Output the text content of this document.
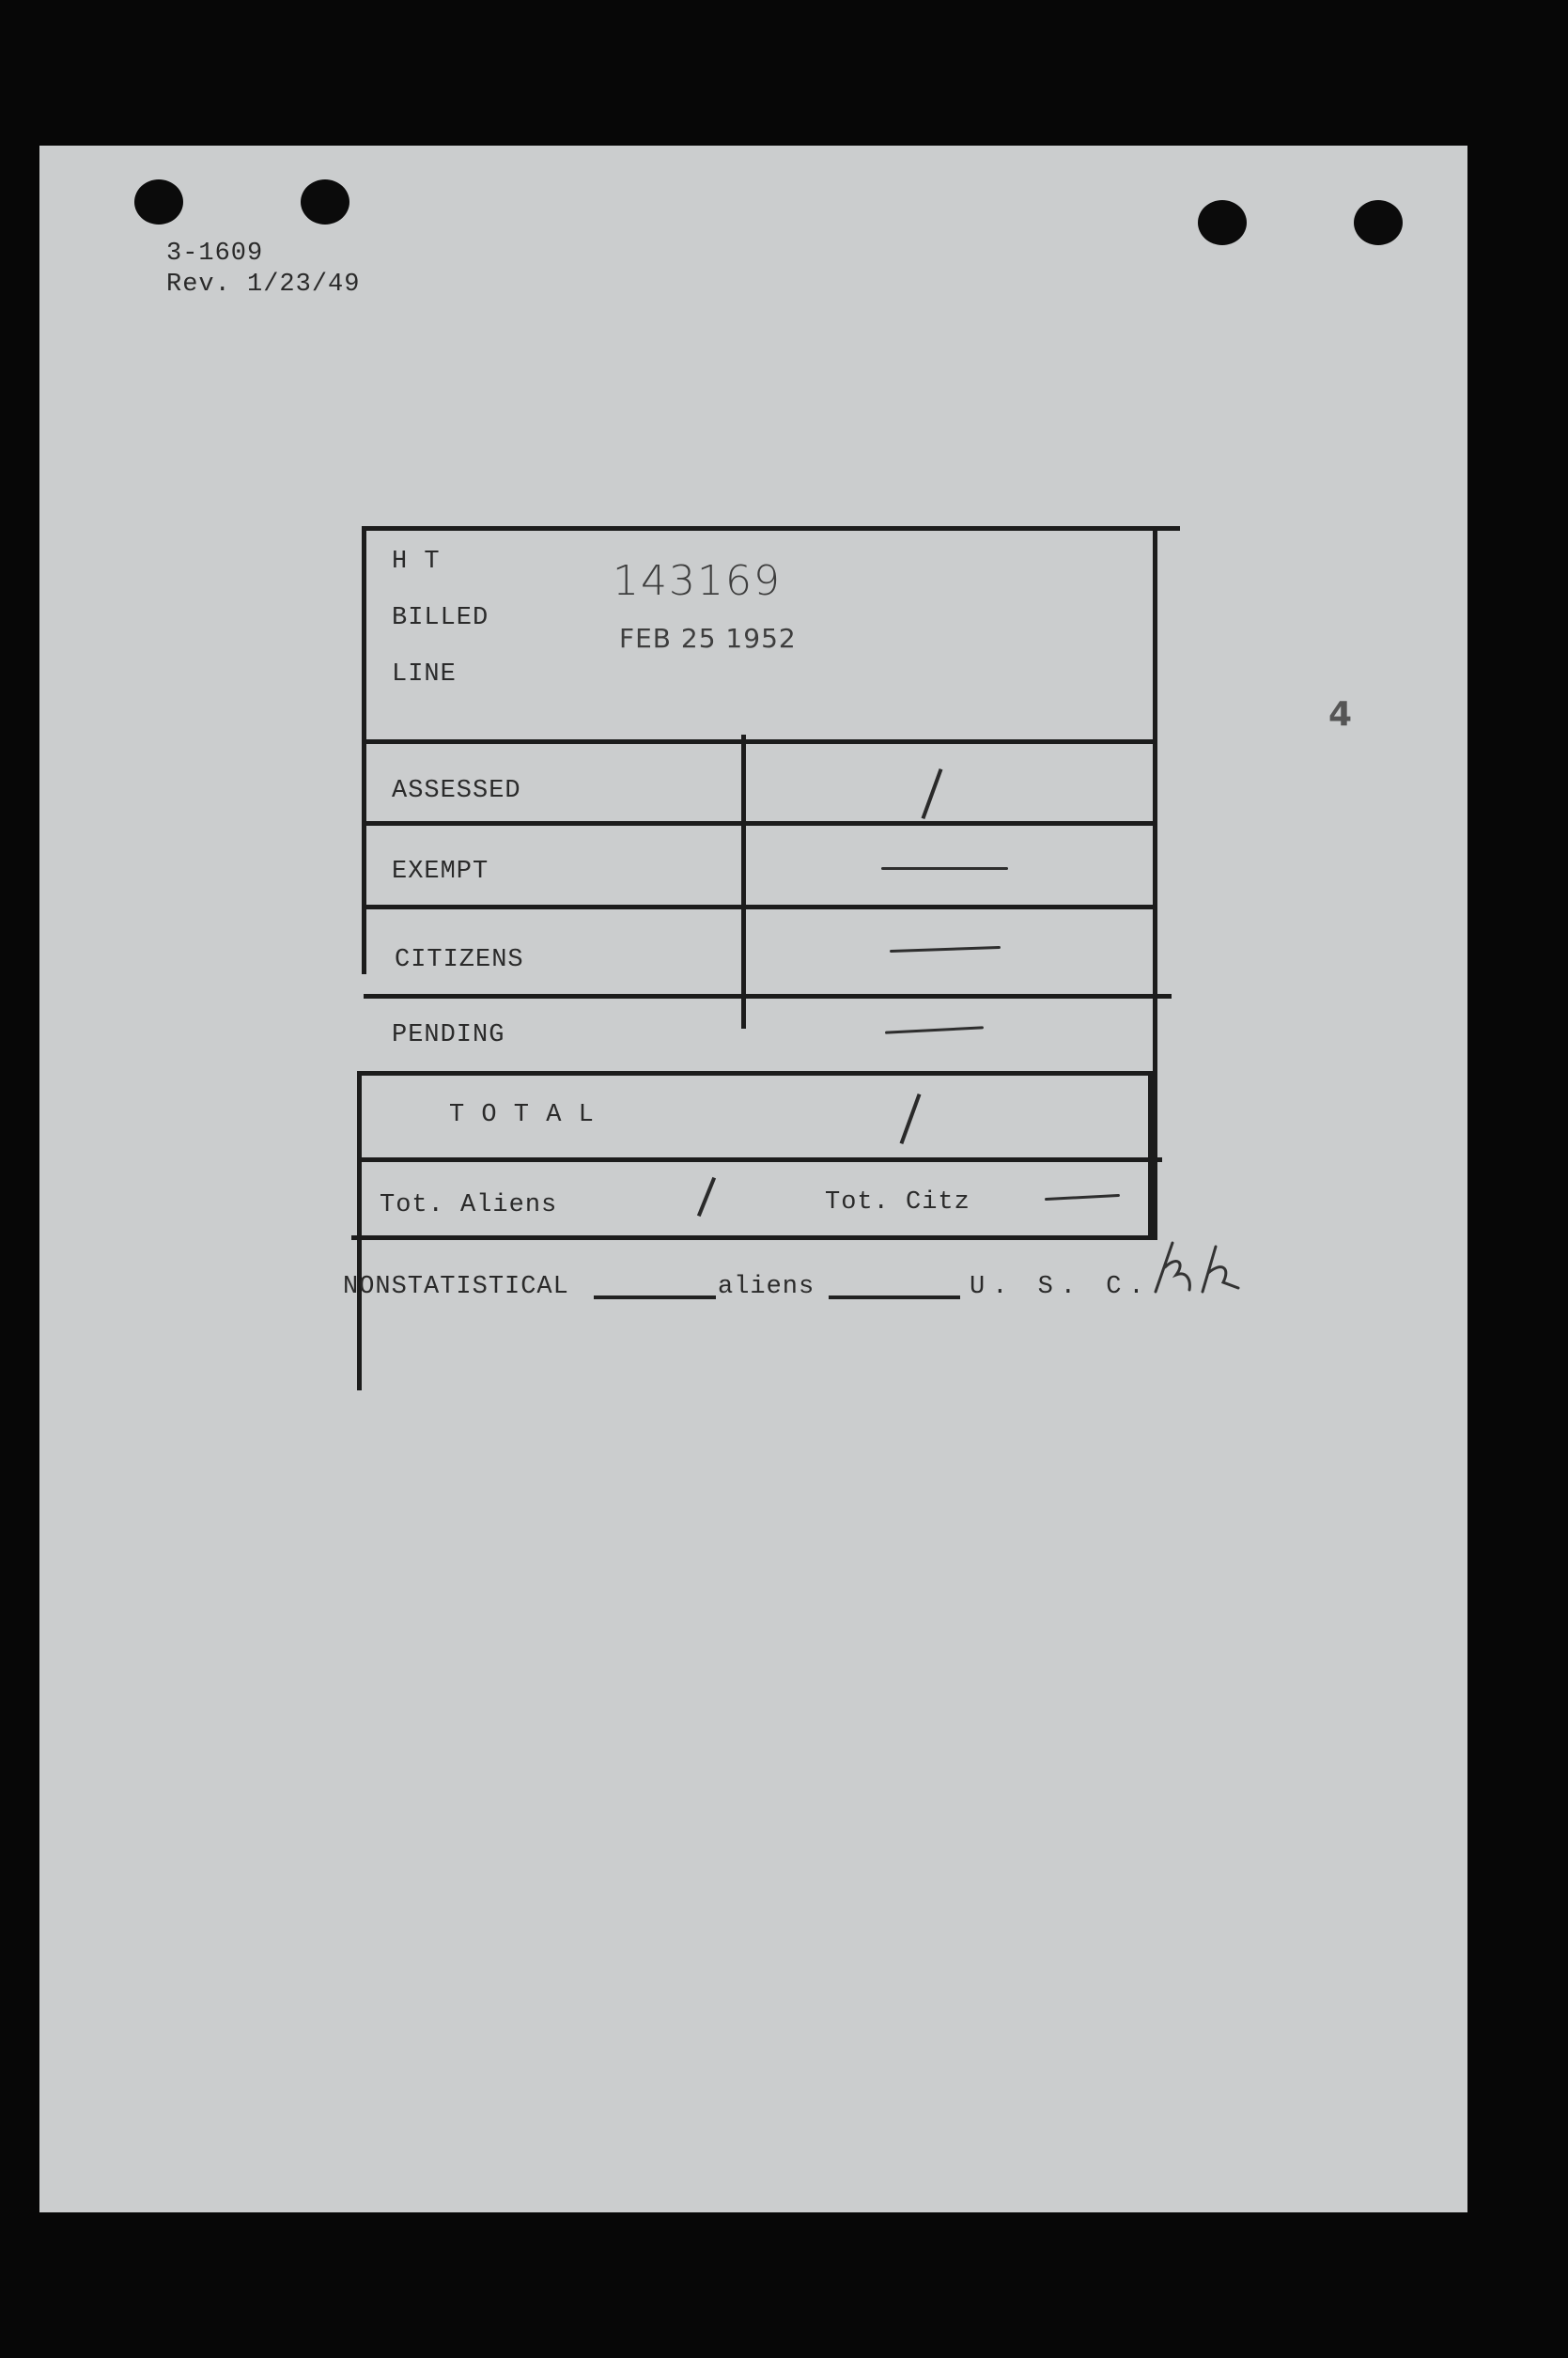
3-1609
Rev. 1/23/49
H T
BILLED
LINE
143169
FEB 25 1952
4
ASSESSED
EXEMPT
CITIZENS
PENDING
T O T A L
Tot. Aliens	Tot. Citz
NONSTATISTICAL	aliens	U. S. C.
